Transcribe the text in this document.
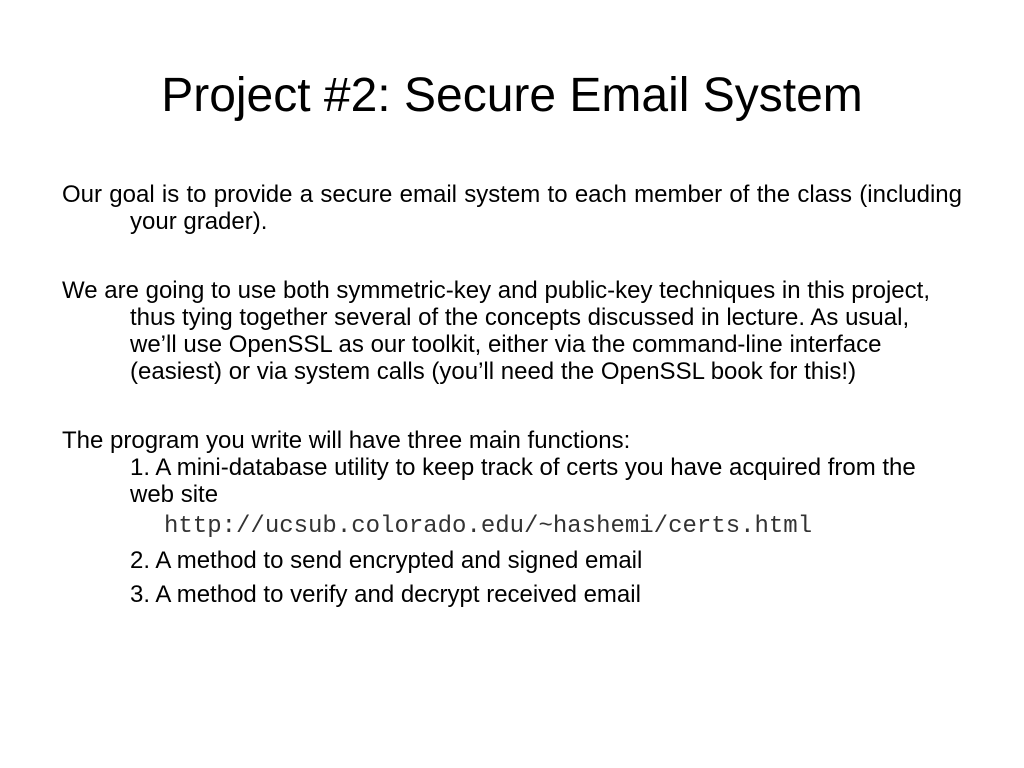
Project #2: Secure Email System

Our goal is to provide a secure email system to each member of the class (including your grader).

We are going to use both symmetric-key and public-key techniques in this project, thus tying together several of the concepts discussed in lecture. As usual, we’ll use OpenSSL as our toolkit, either via the command-line interface (easiest) or via system calls (you’ll need the OpenSSL book for this!)

The program you write will have three main functions:

1. A mini-database utility to keep track of certs you have acquired from the web site

http://ucsub.colorado.edu/~hashemi/certs.html

2. A method to send encrypted and signed email

3. A method to verify and decrypt received email
